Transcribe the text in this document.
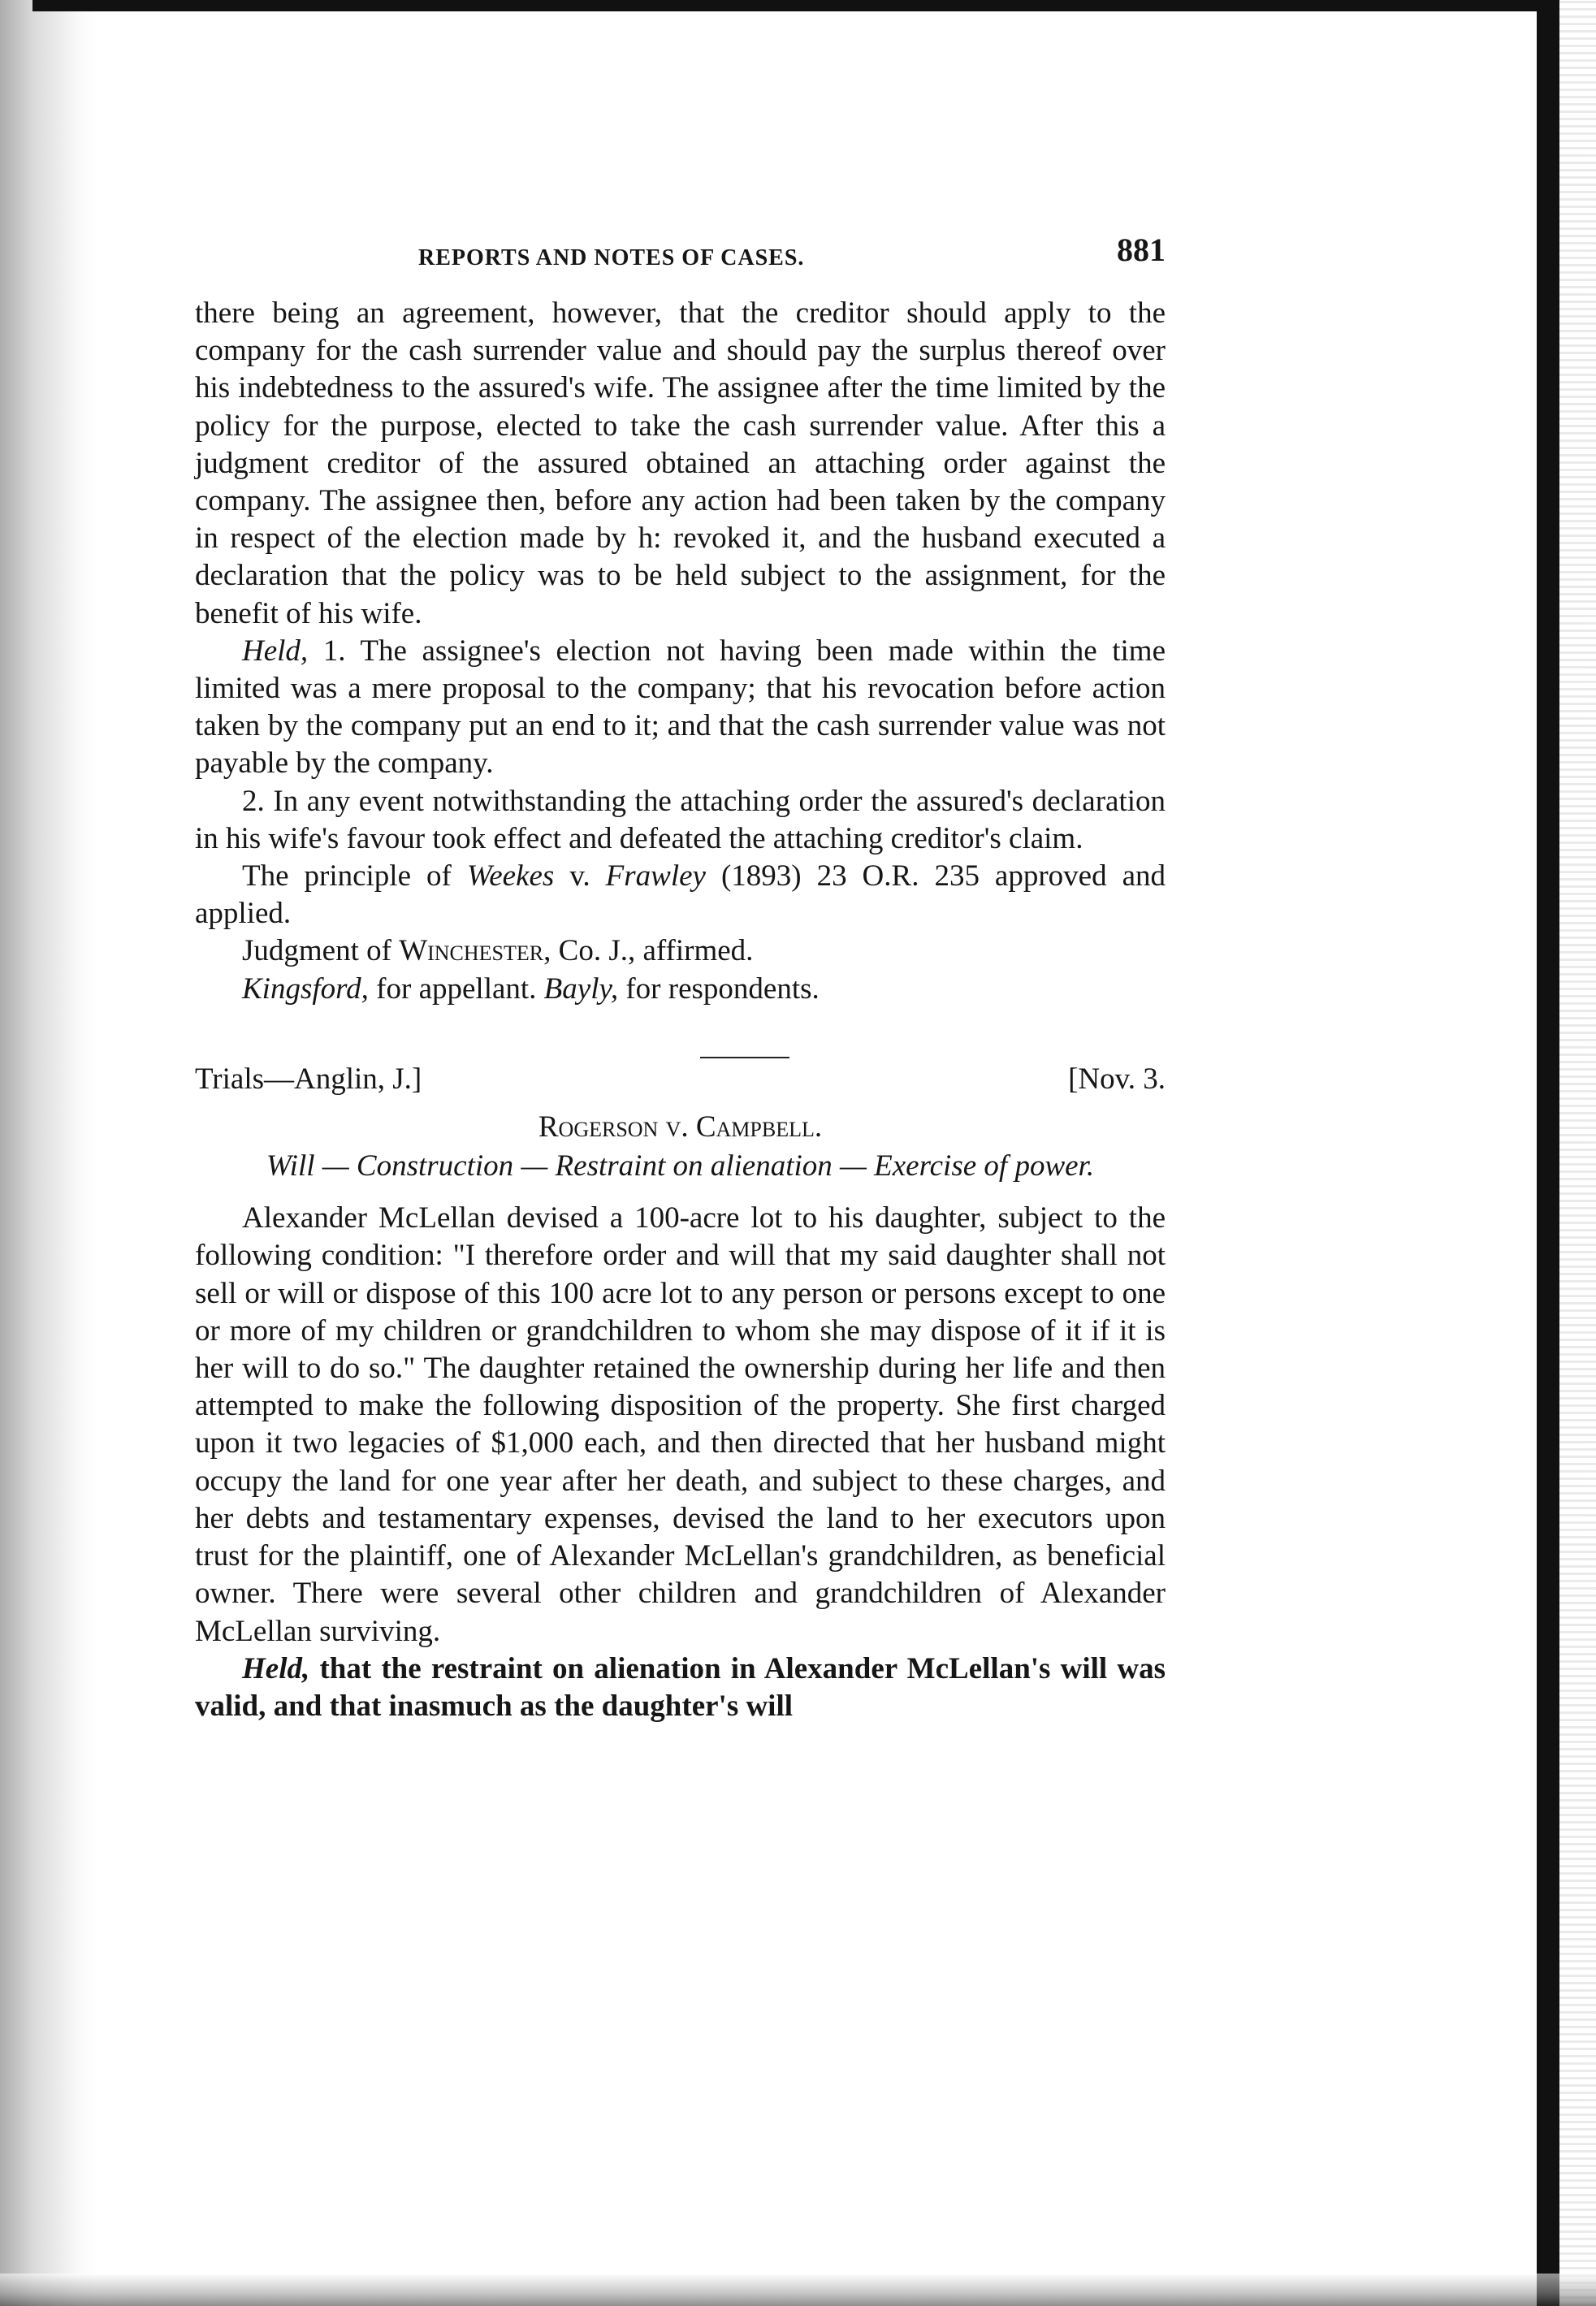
REPORTS AND NOTES OF CASES.	881

there being an agreement, however, that the creditor should apply to the company for the cash surrender value and should pay the surplus thereof over his indebtedness to the assured's wife. The assignee after the time limited by the policy for the purpose, elected to take the cash surrender value. After this a judgment creditor of the assured obtained an attaching order against the company. The assignee then, before any action had been taken by the company in respect of the election made by h: revoked it, and the husband executed a declaration that the policy was to be held subject to the assignment, for the benefit of his wife.

Held, 1. The assignee's election not having been made within the time limited was a mere proposal to the company; that his revocation before action taken by the company put an end to it; and that the cash surrender value was not payable by the company.

2. In any event notwithstanding the attaching order the assured's declaration in his wife's favour took effect and defeated the attaching creditor's claim.

The principle of Weekes v. Frawley (1893) 23 O.R. 235 approved and applied.

Judgment of Winchester, Co. J., affirmed.

Kingsford, for appellant. Bayly, for respondents.

Trials—Anglin, J.]	[Nov. 3.

Rogerson v. Campbell.

Will — Construction — Restraint on alienation — Exercise of power.

Alexander McLellan devised a 100-acre lot to his daughter, subject to the following condition: "I therefore order and will that my said daughter shall not sell or will or dispose of this 100 acre lot to any person or persons except to one or more of my children or grandchildren to whom she may dispose of it if it is her will to do so." The daughter retained the ownership during her life and then attempted to make the following disposition of the property. She first charged upon it two legacies of $1,000 each, and then directed that her husband might occupy the land for one year after her death, and subject to these charges, and her debts and testamentary expenses, devised the land to her executors upon trust for the plaintiff, one of Alexander McLellan's grandchildren, as beneficial owner. There were several other children and grandchildren of Alexander McLellan surviving.

Held, that the restraint on alienation in Alexander McLellan's will was valid, and that inasmuch as the daughter's will
